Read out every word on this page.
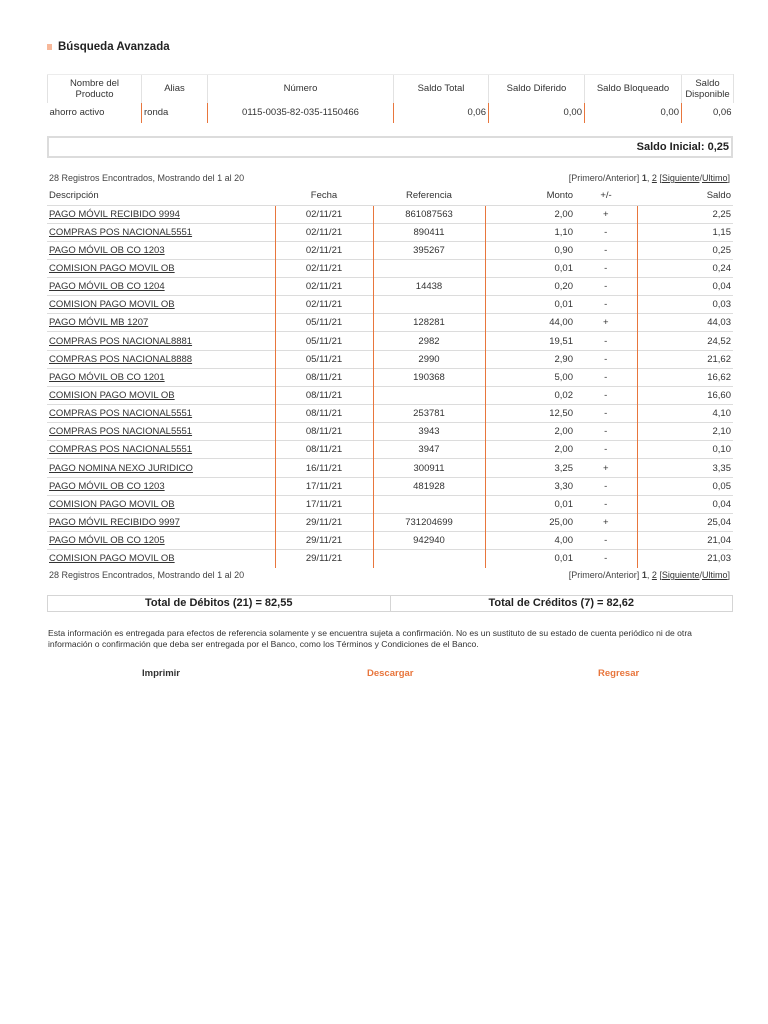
Búsqueda Avanzada
Nombre del Producto	Alias	Número	Saldo Total	Saldo Diferido	Saldo Bloqueado	Saldo Disponible
ahorro activo	ronda	0115-0035-82-035-1150466	0,06	0,00	0,00	0,06
Saldo Inicial: 0,25
28 Registros Encontrados, Mostrando del 1 al 20	[Primero/Anterior] 1, 2 [Siguiente/Ultimo]
Descripción	Fecha	Referencia	Monto	+/-	Saldo
PAGO MÓVIL RECIBIDO 9994	02/11/21	861087563	2,00	+	2,25
COMPRAS POS NACIONAL5551	02/11/21	890411	1,10	-	1,15
PAGO MÓVIL OB CO 1203	02/11/21	395267	0,90	-	0,25
COMISION PAGO MOVIL OB	02/11/21		0,01	-	0,24
PAGO MÓVIL OB CO 1204	02/11/21	14438	0,20	-	0,04
COMISION PAGO MOVIL OB	02/11/21		0,01	-	0,03
PAGO MÓVIL MB 1207	05/11/21	128281	44,00	+	44,03
COMPRAS POS NACIONAL8881	05/11/21	2982	19,51	-	24,52
COMPRAS POS NACIONAL8888	05/11/21	2990	2,90	-	21,62
PAGO MÓVIL OB CO 1201	08/11/21	190368	5,00	-	16,62
COMISION PAGO MOVIL OB	08/11/21		0,02	-	16,60
COMPRAS POS NACIONAL5551	08/11/21	253781	12,50	-	4,10
COMPRAS POS NACIONAL5551	08/11/21	3943	2,00	-	2,10
COMPRAS POS NACIONAL5551	08/11/21	3947	2,00	-	0,10
PAGO NOMINA NEXO JURIDICO	16/11/21	300911	3,25	+	3,35
PAGO MÓVIL OB CO 1203	17/11/21	481928	3,30	-	0,05
COMISION PAGO MOVIL OB	17/11/21		0,01	-	0,04
PAGO MÓVIL RECIBIDO 9997	29/11/21	731204699	25,00	+	25,04
PAGO MÓVIL OB CO 1205	29/11/21	942940	4,00	-	21,04
COMISION PAGO MOVIL OB	29/11/21		0,01	-	21,03
28 Registros Encontrados, Mostrando del 1 al 20	[Primero/Anterior] 1, 2 [Siguiente/Ultimo]
Total de Débitos (21) = 82,55	Total de Créditos (7) = 82,62
Esta información es entregada para efectos de referencia solamente y se encuentra sujeta a confirmación. No es un sustituto de su estado de cuenta periódico ni de otra información o confirmación que deba ser entregada por el Banco, como los Términos y Condiciones de el Banco.
Imprimir	Descargar	Regresar
